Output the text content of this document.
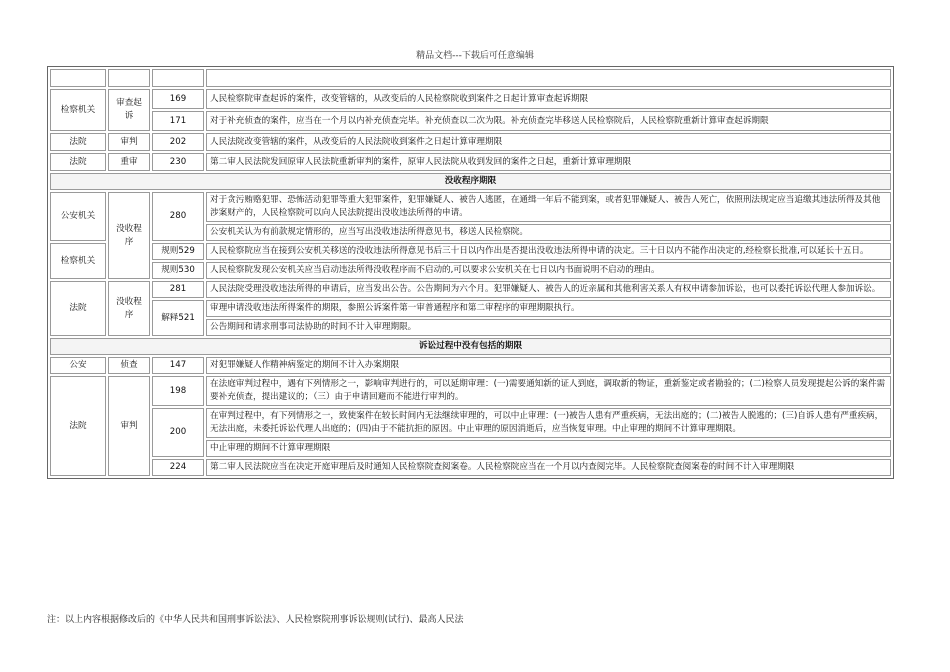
精品文档---下载后可任意编辑

检察机关	审查起诉	169	人民检察院审查起诉的案件，改变管辖的，从改变后的人民检察院收到案件之日起计算审查起诉期限
		171	对于补充侦查的案件，应当在一个月以内补充侦查完毕。补充侦查以二次为限。补充侦查完毕移送人民检察院后，人民检察院重新计算审查起诉期限
法院	审判	202	人民法院改变管辖的案件，从改变后的人民法院收到案件之日起计算审理期限
法院	重审	230	第二审人民法院发回原审人民法院重新审判的案件，原审人民法院从收到发回的案件之日起，重新计算审理期限
没收程序期限			
公安机关	没收程序	280	对于贪污贿赂犯罪、恐怖活动犯罪等重大犯罪案件，犯罪嫌疑人、被告人逃匿，在通缉一年后不能到案，或者犯罪嫌疑人、被告人死亡，依照刑法规定应当追缴其违法所得及其他涉案财产的，人民检察院可以向人民法院提出没收违法所得的申请。
			公安机关认为有前款规定情形的，应当写出没收违法所得意见书，移送人民检察院。
检察机关		规则529	人民检察院应当在接到公安机关移送的没收违法所得意见书后三十日以内作出是否提出没收违法所得申请的决定。三十日以内不能作出决定的,经检察长批准,可以延长十五日。
		规则530	人民检察院发现公安机关应当启动违法所得没收程序而不启动的,可以要求公安机关在七日以内书面说明不启动的理由。
法院	没收程序	281	人民法院受理没收违法所得的申请后，应当发出公告。公告期间为六个月。犯罪嫌疑人、被告人的近亲属和其他利害关系人有权申请参加诉讼，也可以委托诉讼代理人参加诉讼。
		解释521	审理申请没收违法所得案件的期限，参照公诉案件第一审普通程序和第二审程序的审理期限执行。
			公告期间和请求刑事司法协助的时间不计入审理期限。
诉讼过程中没有包括的期限			
公安	侦查	147	对犯罪嫌疑人作精神病鉴定的期间不计入办案期限
法院	审判	198	在法庭审判过程中，遇有下列情形之一，影响审判进行的，可以延期审理：(一)需要通知新的证人到庭，调取新的物证，重新鉴定或者勘验的；(二)检察人员发现提起公诉的案件需要补充侦查，提出建议的；（三）由于申请回避而不能进行审判的。
		200	在审判过程中，有下列情形之一，致使案件在较长时间内无法继续审理的，可以中止审理：(一)被告人患有严重疾病，无法出庭的；(二)被告人脱逃的；(三)自诉人患有严重疾病，无法出庭，未委托诉讼代理人出庭的；(四)由于不能抗拒的原因。中止审理的原因消逝后，应当恢复审理。中止审理的期间不计算审理期限。
			中止审理的期间不计算审理期限
		224	第二审人民法院应当在决定开庭审理后及时通知人民检察院查阅案卷。人民检察院应当在一个月以内查阅完毕。人民检察院查阅案卷的时间不计入审理期限
注：以上内容根据修改后的《中华人民共和国刑事诉讼法》、人民检察院刑事诉讼规则(试行)、最高人民法
